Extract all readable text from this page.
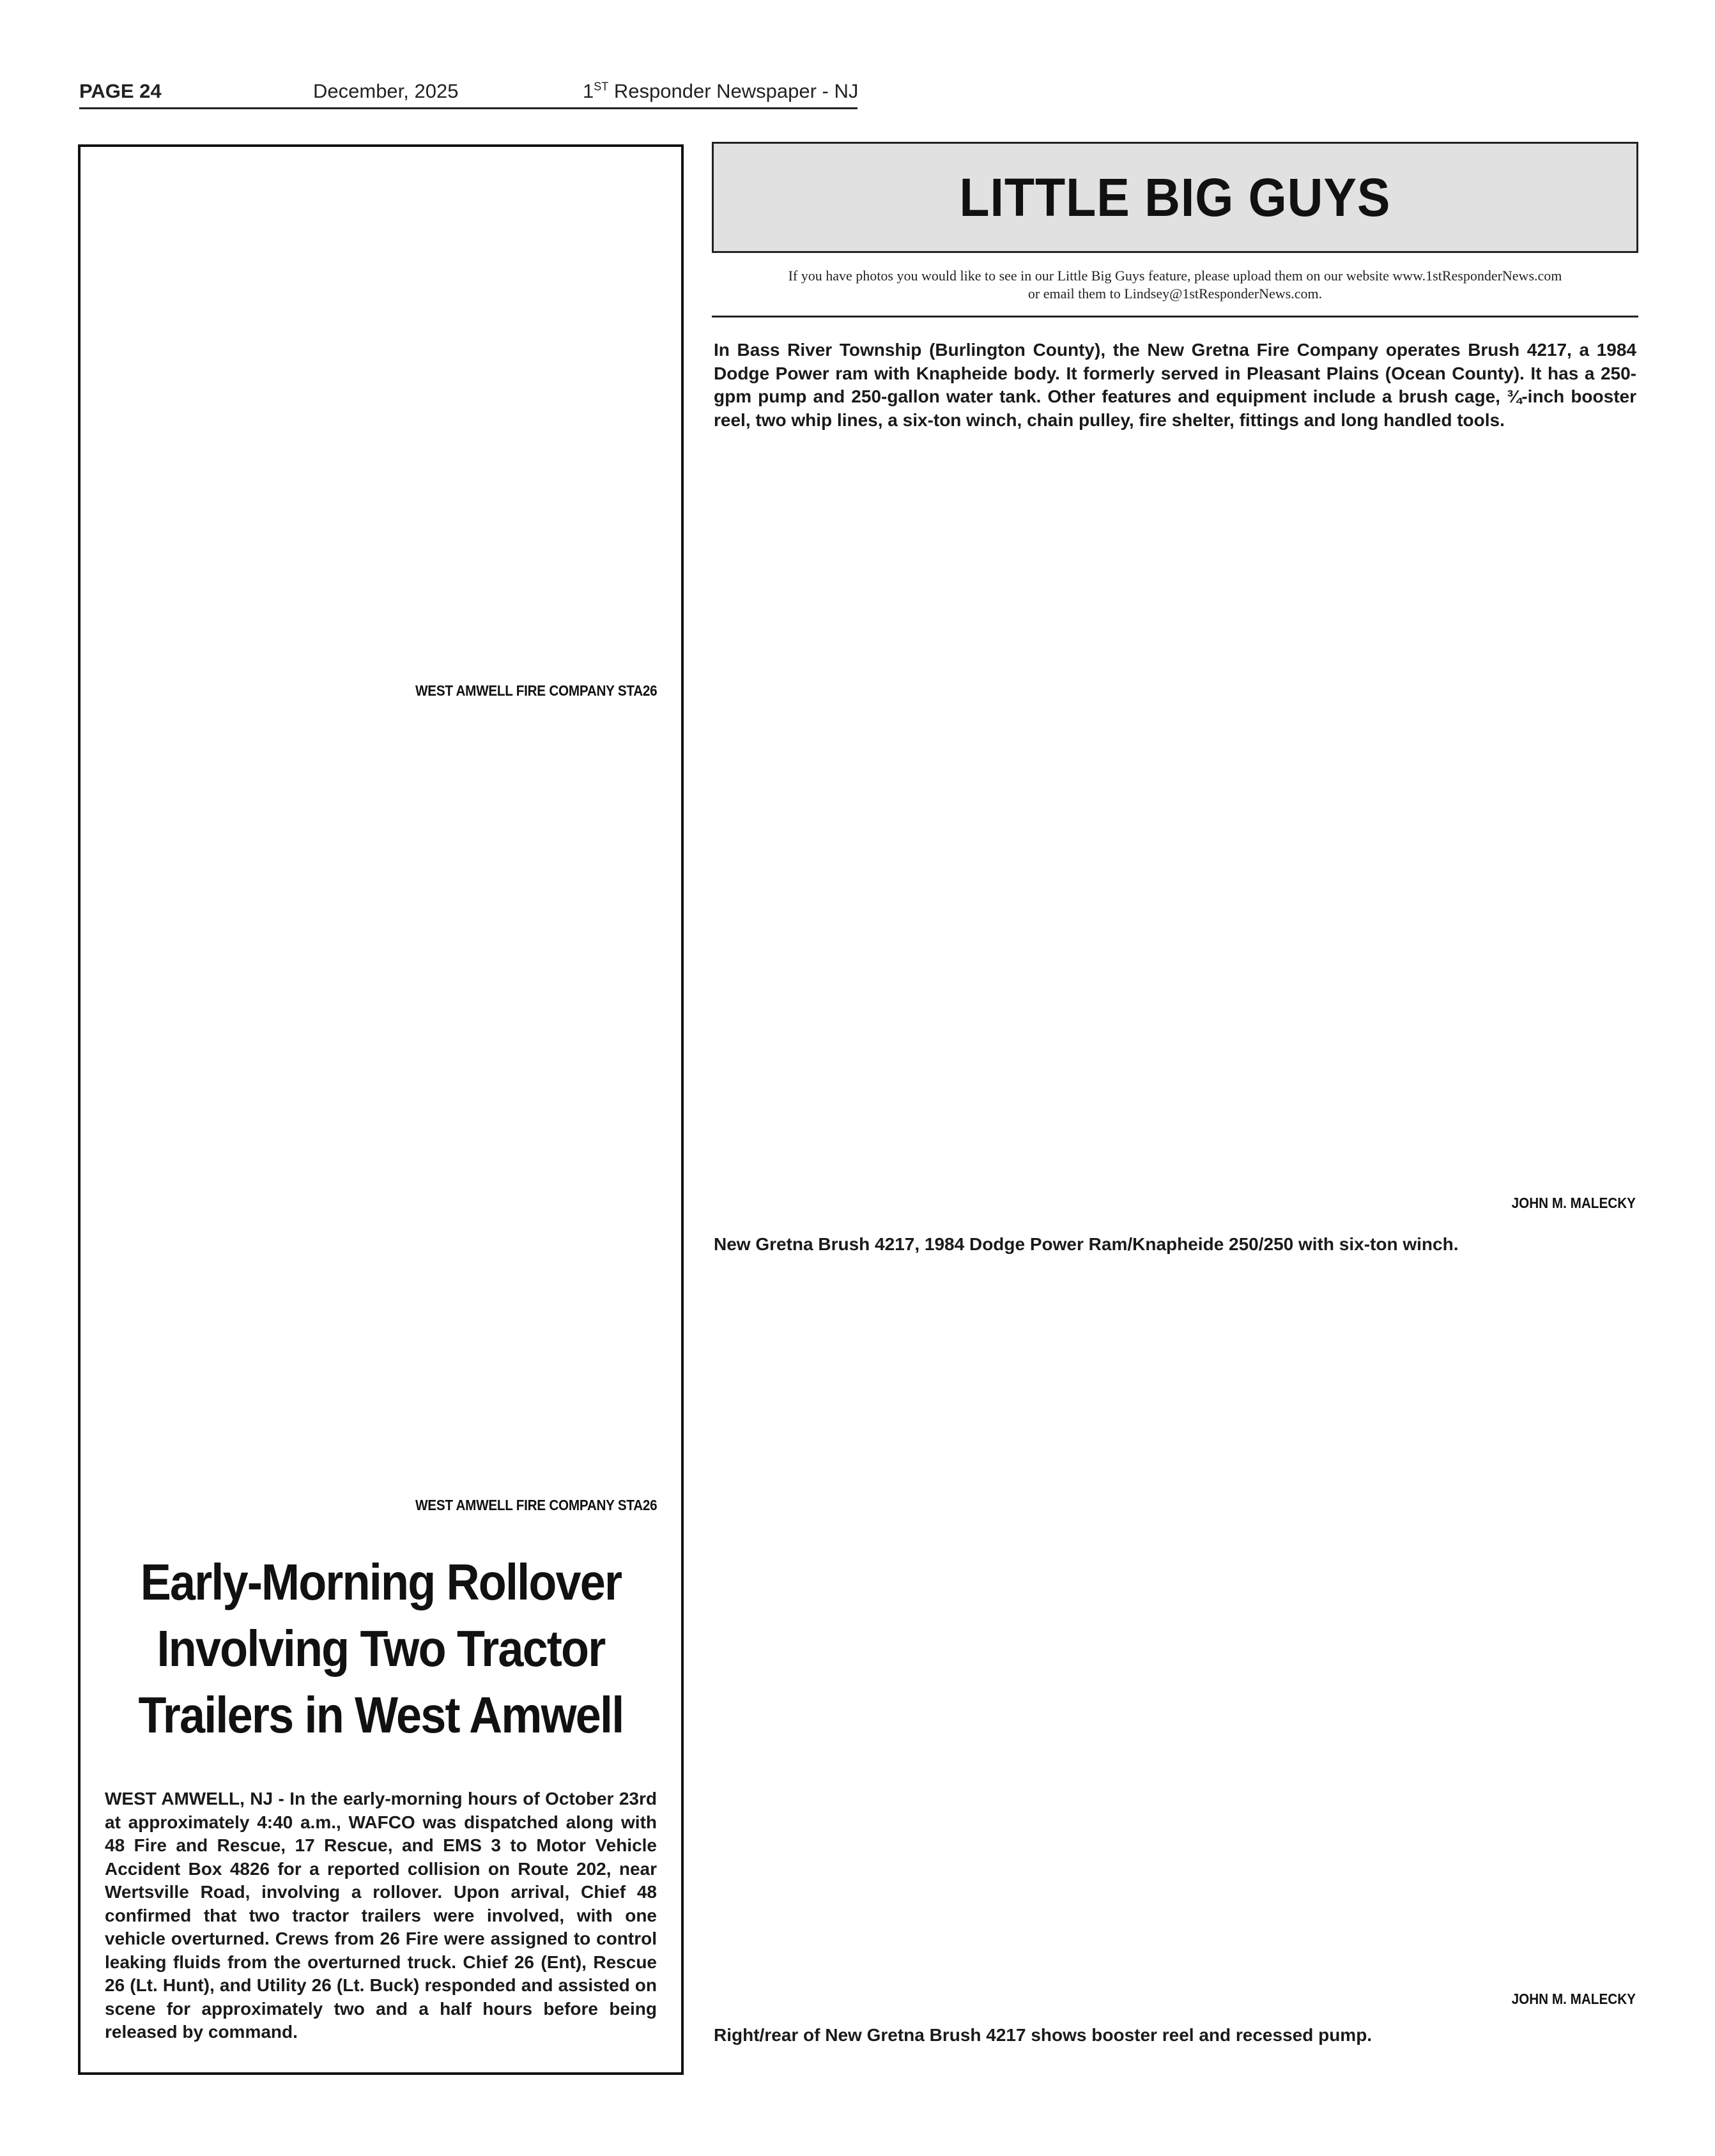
PAGE 24	December, 2025	1ST Responder Newspaper - NJ
WEST AMWELL FIRE COMPANY STA26
WEST AMWELL FIRE COMPANY STA26
Early-Morning Rollover Involving Two Tractor Trailers in West Amwell
WEST AMWELL, NJ - In the early-morning hours of October 23rd at approximately 4:40 a.m., WAFCO was dispatched along with 48 Fire and Rescue, 17 Rescue, and EMS 3 to Motor Vehicle Accident Box 4826 for a reported collision on Route 202, near Wertsville Road, involving a rollover. Upon arrival, Chief 48 confirmed that two tractor trailers were involved, with one vehicle overturned. Crews from 26 Fire were assigned to control leaking fluids from the overturned truck. Chief 26 (Ent), Rescue 26 (Lt. Hunt), and Utility 26 (Lt. Buck) responded and assisted on scene for approximately two and a half hours before being released by command.
LITTLE BIG GUYS
If you have photos you would like to see in our Little Big Guys feature, please upload them on our website www.1stResponderNews.com
or email them to Lindsey@1stResponderNews.com.
In Bass River Township (Burlington County), the New Gretna Fire Company operates Brush 4217, a 1984 Dodge Power ram with Knapheide body. It formerly served in Pleasant Plains (Ocean County). It has a 250-gpm pump and 250-gallon water tank. Other features and equipment include a brush cage, ¾-inch booster reel, two whip lines, a six-ton winch, chain pulley, fire shelter, fittings and long handled tools.
JOHN M. MALECKY
New Gretna Brush 4217, 1984 Dodge Power Ram/Knapheide 250/250 with six-ton winch.
JOHN M. MALECKY
Right/rear of New Gretna Brush 4217 shows booster reel and recessed pump.
